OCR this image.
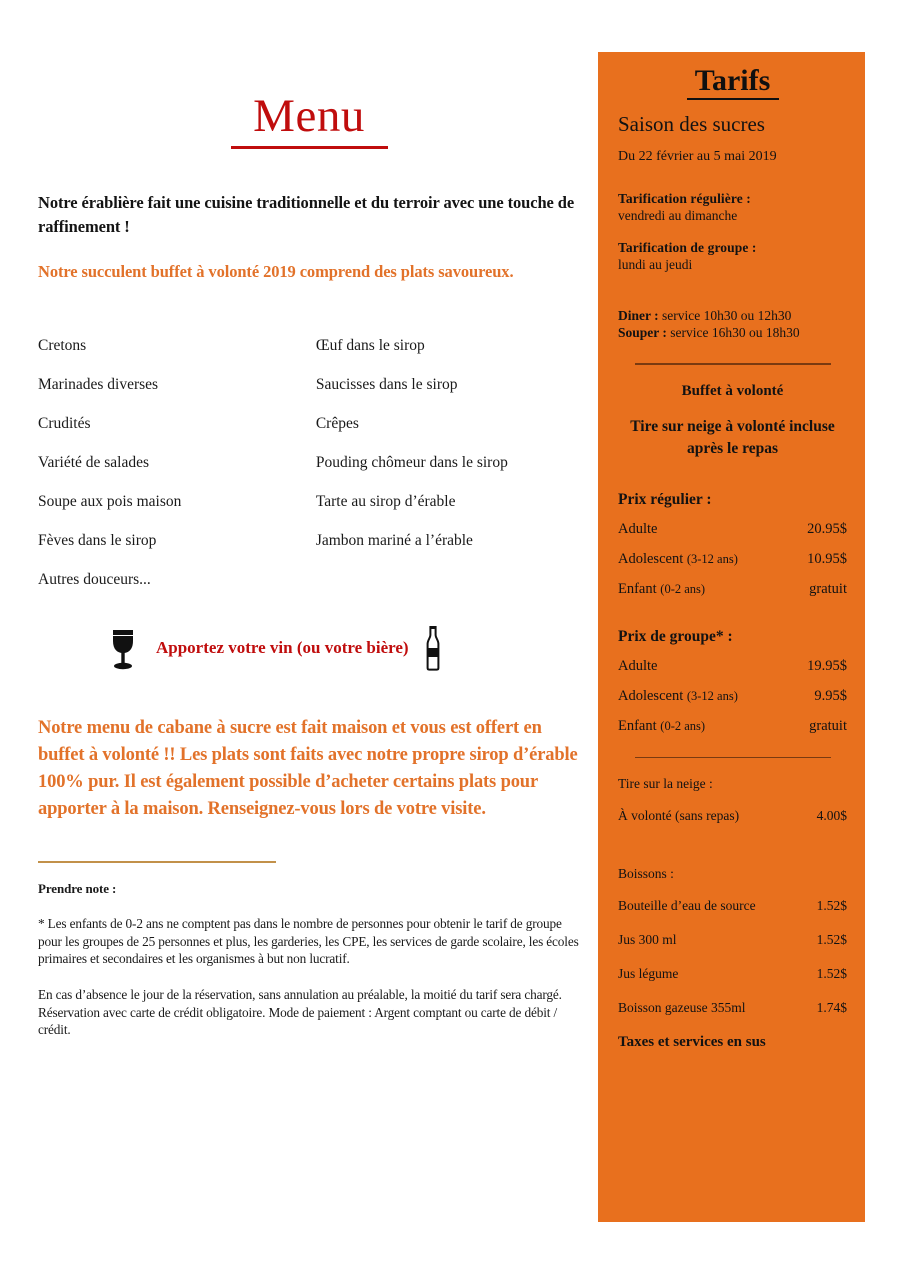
Menu

Notre érablière fait une cuisine traditionnelle et du terroir avec une touche de raffinement !

Notre succulent buffet à volonté 2019 comprend des plats savoureux.

Cretons
Marinades diverses
Crudités
Variété de salades
Soupe aux pois maison
Fèves dans le sirop
Autres douceurs...
Œuf dans le sirop
Saucisses dans le sirop
Crêpes
Pouding chômeur dans le sirop
Tarte au sirop d’érable
Jambon mariné a l’érable
Apportez votre vin (ou votre bière)

Notre menu de cabane à sucre est fait maison et vous est offert en buffet à volonté !! Les plats sont faits avec notre propre sirop d’érable 100% pur. Il est également possible d’acheter certains plats pour apporter à la maison. Renseignez-vous lors de votre visite.

Prendre note :

* Les enfants de 0-2 ans ne comptent pas dans le nombre de personnes pour obtenir le tarif de groupe pour les groupes de 25 personnes et plus, les garderies, les CPE, les services de garde scolaire, les écoles primaires et secondaires et les organismes à but non lucratif.

En cas d’absence le jour de la réservation, sans annulation au préalable, la moitié du tarif sera chargé. Réservation avec carte de crédit obligatoire. Mode de paiement : Argent comptant ou carte de débit / crédit.

Tarifs
Saison des sucres
Du 22 février au 5 mai 2019
Tarification régulière :
vendredi au dimanche
Tarification de groupe :
lundi au jeudi
Diner : service 10h30 ou 12h30
Souper : service 16h30 ou 18h30
Buffet à volonté
Tire sur neige à volonté incluse après le repas
Prix régulier :
Adulte	20.95$
Adolescent (3-12 ans)	10.95$
Enfant (0-2 ans)	gratuit
Prix de groupe* :
Adulte	19.95$
Adolescent (3-12 ans)	9.95$
Enfant (0-2 ans)	gratuit
Tire sur la neige :
À volonté (sans repas)	4.00$
Boissons :
Bouteille d’eau de source	1.52$
Jus 300 ml	1.52$
Jus légume	1.52$
Boisson gazeuse 355ml	1.74$
Taxes et services en sus
